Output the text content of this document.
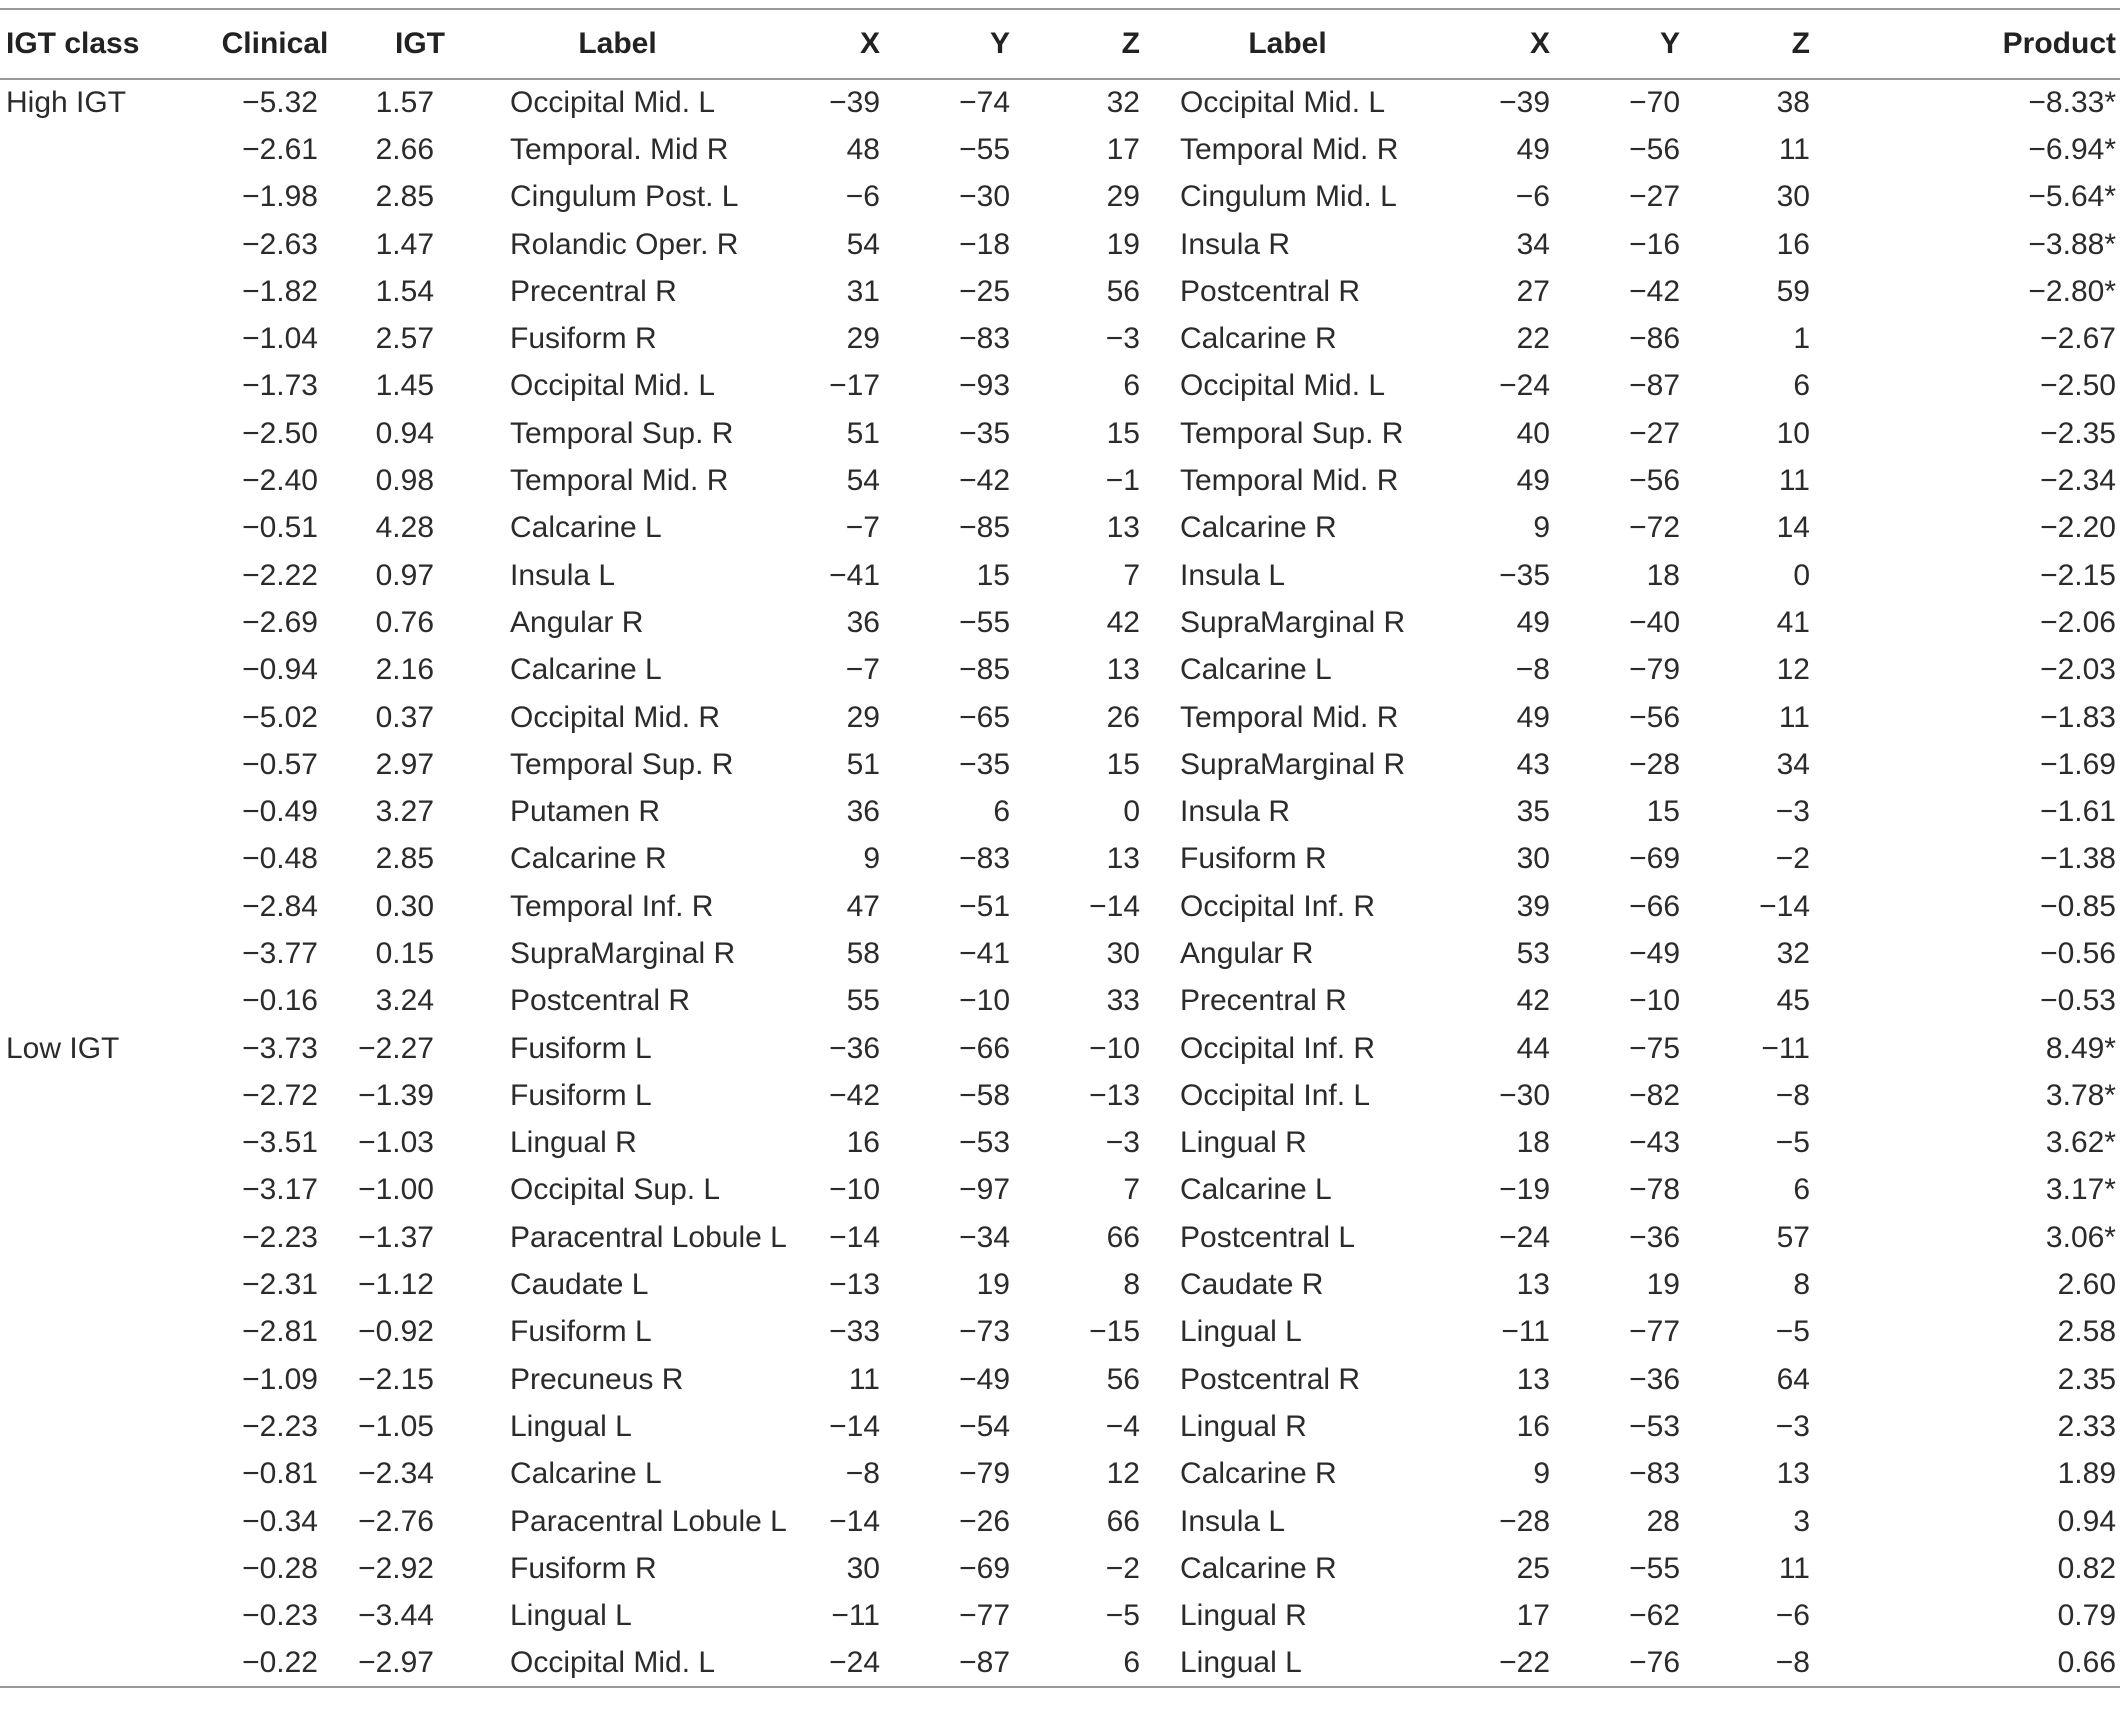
IGT class	Clinical	IGT	Label	X	Y	Z	Label	X	Y	Z	Product
High IGT	−5.32	1.57	Occipital Mid. L	−39	−74	32	Occipital Mid. L	−39	−70	38	−8.33*
	−2.61	2.66	Temporal. Mid R	48	−55	17	Temporal Mid. R	49	−56	11	−6.94*
	−1.98	2.85	Cingulum Post. L	−6	−30	29	Cingulum Mid. L	−6	−27	30	−5.64*
	−2.63	1.47	Rolandic Oper. R	54	−18	19	Insula R	34	−16	16	−3.88*
	−1.82	1.54	Precentral R	31	−25	56	Postcentral R	27	−42	59	−2.80*
	−1.04	2.57	Fusiform R	29	−83	−3	Calcarine R	22	−86	1	−2.67
	−1.73	1.45	Occipital Mid. L	−17	−93	6	Occipital Mid. L	−24	−87	6	−2.50
	−2.50	0.94	Temporal Sup. R	51	−35	15	Temporal Sup. R	40	−27	10	−2.35
	−2.40	0.98	Temporal Mid. R	54	−42	−1	Temporal Mid. R	49	−56	11	−2.34
	−0.51	4.28	Calcarine L	−7	−85	13	Calcarine R	9	−72	14	−2.20
	−2.22	0.97	Insula L	−41	15	7	Insula L	−35	18	0	−2.15
	−2.69	0.76	Angular R	36	−55	42	SupraMarginal R	49	−40	41	−2.06
	−0.94	2.16	Calcarine L	−7	−85	13	Calcarine L	−8	−79	12	−2.03
	−5.02	0.37	Occipital Mid. R	29	−65	26	Temporal Mid. R	49	−56	11	−1.83
	−0.57	2.97	Temporal Sup. R	51	−35	15	SupraMarginal R	43	−28	34	−1.69
	−0.49	3.27	Putamen R	36	6	0	Insula R	35	15	−3	−1.61
	−0.48	2.85	Calcarine R	9	−83	13	Fusiform R	30	−69	−2	−1.38
	−2.84	0.30	Temporal Inf. R	47	−51	−14	Occipital Inf. R	39	−66	−14	−0.85
	−3.77	0.15	SupraMarginal R	58	−41	30	Angular R	53	−49	32	−0.56
	−0.16	3.24	Postcentral R	55	−10	33	Precentral R	42	−10	45	−0.53
Low IGT	−3.73	−2.27	Fusiform L	−36	−66	−10	Occipital Inf. R	44	−75	−11	8.49*
	−2.72	−1.39	Fusiform L	−42	−58	−13	Occipital Inf. L	−30	−82	−8	3.78*
	−3.51	−1.03	Lingual R	16	−53	−3	Lingual R	18	−43	−5	3.62*
	−3.17	−1.00	Occipital Sup. L	−10	−97	7	Calcarine L	−19	−78	6	3.17*
	−2.23	−1.37	Paracentral Lobule L	−14	−34	66	Postcentral L	−24	−36	57	3.06*
	−2.31	−1.12	Caudate L	−13	19	8	Caudate R	13	19	8	2.60
	−2.81	−0.92	Fusiform L	−33	−73	−15	Lingual L	−11	−77	−5	2.58
	−1.09	−2.15	Precuneus R	11	−49	56	Postcentral R	13	−36	64	2.35
	−2.23	−1.05	Lingual L	−14	−54	−4	Lingual R	16	−53	−3	2.33
	−0.81	−2.34	Calcarine L	−8	−79	12	Calcarine R	9	−83	13	1.89
	−0.34	−2.76	Paracentral Lobule L	−14	−26	66	Insula L	−28	28	3	0.94
	−0.28	−2.92	Fusiform R	30	−69	−2	Calcarine R	25	−55	11	0.82
	−0.23	−3.44	Lingual L	−11	−77	−5	Lingual R	17	−62	−6	0.79
	−0.22	−2.97	Occipital Mid. L	−24	−87	6	Lingual L	−22	−76	−8	0.66
